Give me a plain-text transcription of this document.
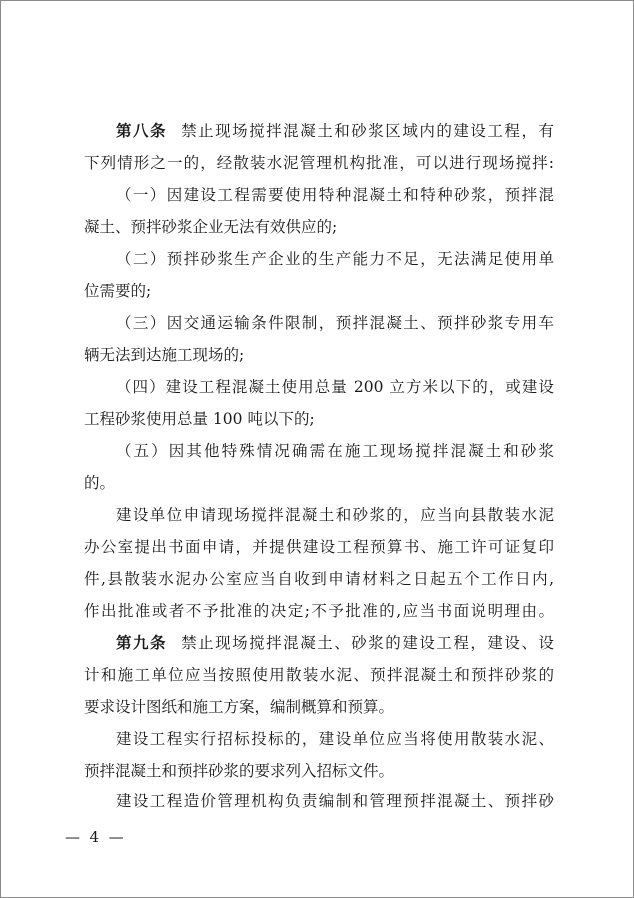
第八条 禁止现场搅拌混凝土和砂浆区域内的建设工程，有

下列情形之一的，经散装水泥管理机构批准，可以进行现场搅拌:

（一）因建设工程需要使用特种混凝土和特种砂浆，预拌混

凝土、预拌砂浆企业无法有效供应的;

（二）预拌砂浆生产企业的生产能力不足，无法满足使用单

位需要的;

（三）因交通运输条件限制，预拌混凝土、预拌砂浆专用车

辆无法到达施工现场的;

（四）建设工程混凝土使用总量 200 立方米以下的，或建设

工程砂浆使用总量 100 吨以下的;

（五）因其他特殊情况确需在施工现场搅拌混凝土和砂浆

的。

建设单位申请现场搅拌混凝土和砂浆的，应当向县散装水泥

办公室提出书面申请，并提供建设工程预算书、施工许可证复印

件,县散装水泥办公室应当自收到申请材料之日起五个工作日内,

作出批准或者不予批准的决定;不予批准的,应当书面说明理由。

第九条 禁止现场搅拌混凝土、砂浆的建设工程，建设、设

计和施工单位应当按照使用散装水泥、预拌混凝土和预拌砂浆的

要求设计图纸和施工方案，编制概算和预算。

建设工程实行招标投标的，建设单位应当将使用散装水泥、

预拌混凝土和预拌砂浆的要求列入招标文件。

建设工程造价管理机构负责编制和管理预拌混凝土、预拌砂

—  4  —
